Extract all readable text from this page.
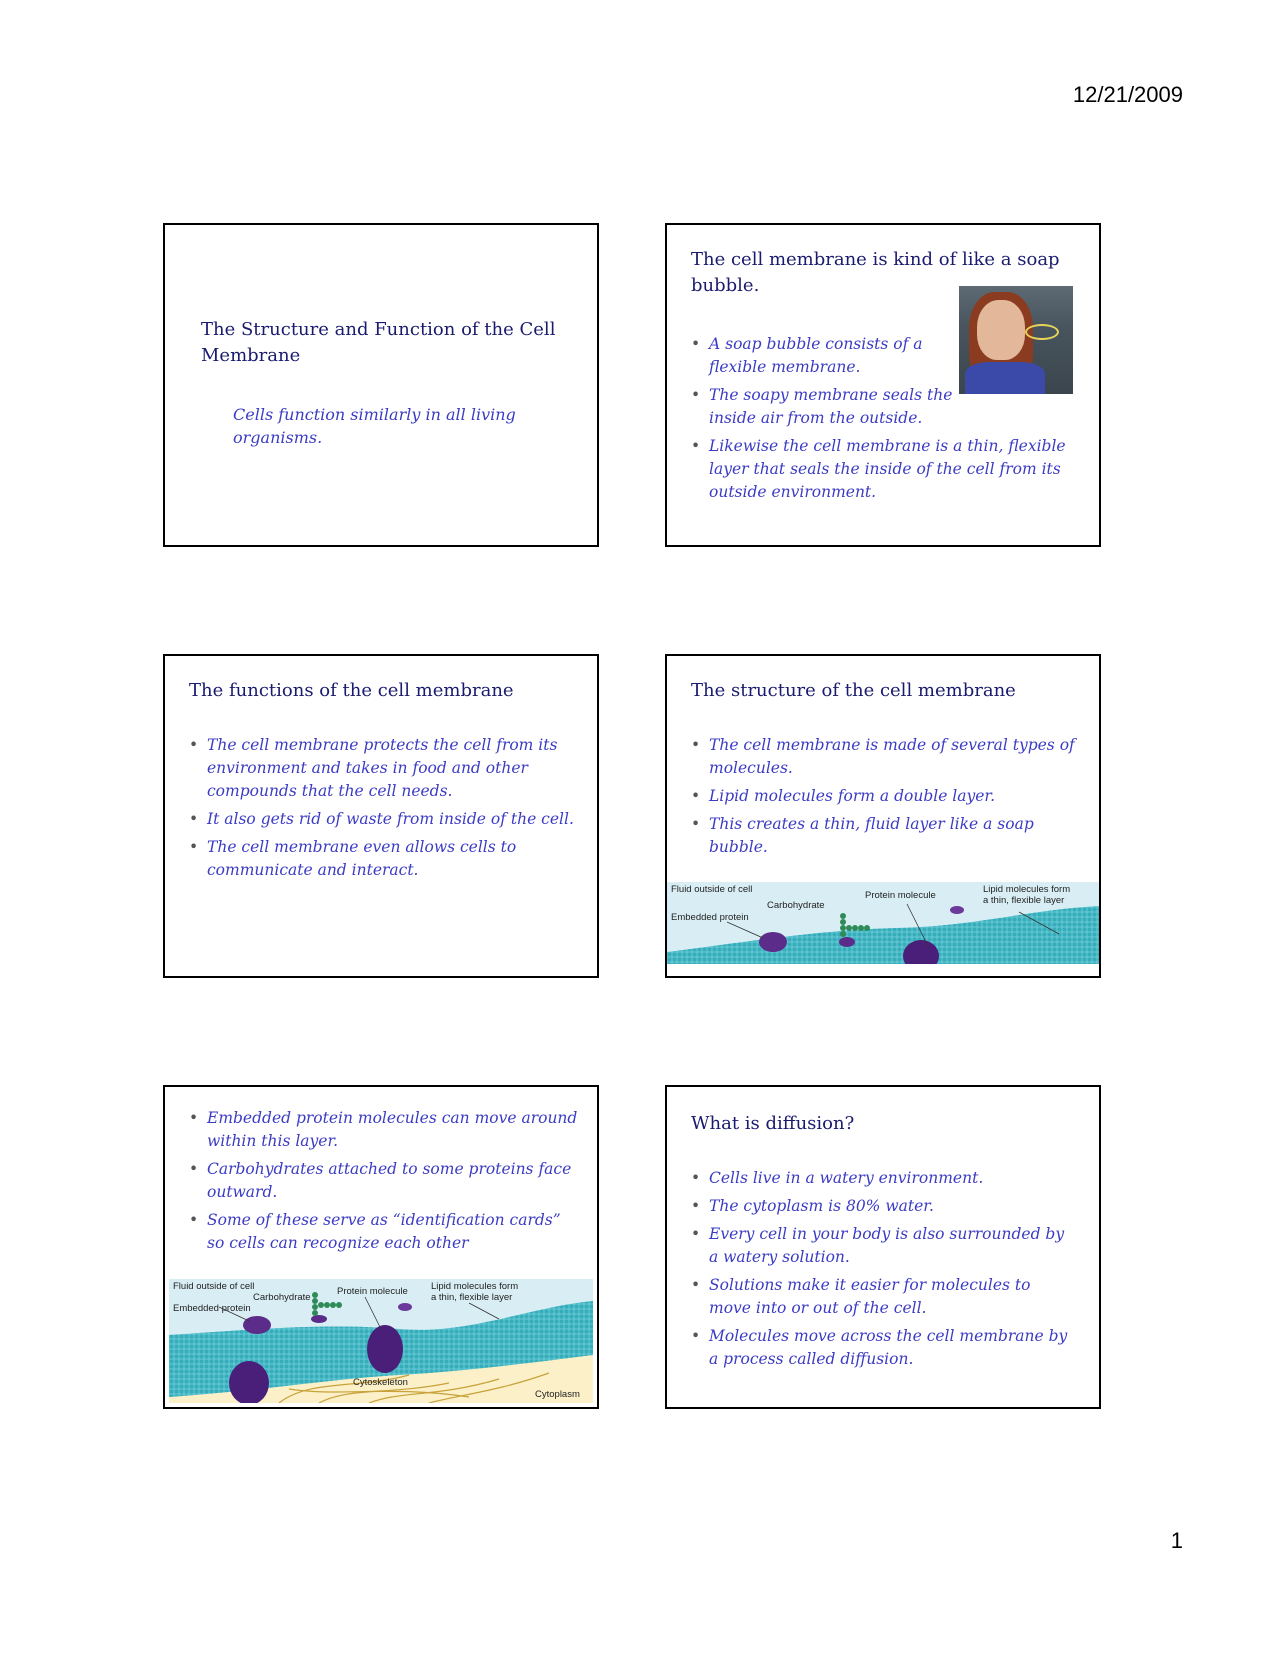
12/21/2009
The Structure and Function of the Cell Membrane
Cells function similarly in all living organisms.
The cell membrane is kind of like a soap bubble.
• A soap bubble consists of a flexible membrane.
• The soapy membrane seals the inside air from the outside.
• Likewise the cell membrane is a thin, flexible layer that seals the inside of the cell from its outside environment.
The functions of the cell membrane
• The cell membrane protects the cell from its environment and takes in food and other compounds that the cell needs.
• It also gets rid of waste from inside of the cell.
• The cell membrane even allows cells to communicate and interact.
The structure of the cell membrane
• The cell membrane is made of several types of molecules.
• Lipid molecules form a double layer.
• This creates a thin, fluid layer like a soap bubble.
Fluid outside of cell
Carbohydrate
Embedded protein
Protein molecule
Lipid molecules form
a thin, flexible layer
• Embedded protein molecules can move around within this layer.
• Carbohydrates attached to some proteins face outward.
• Some of these serve as “identification cards” so cells can recognize each other
Fluid outside of cell
Carbohydrate
Embedded protein
Protein molecule Lipid molecules form
a thin, flexible layer
Cytoskeleton
Cytoplasm
What is diffusion?
• Cells live in a watery environment.
• The cytoplasm is 80% water.
• Every cell in your body is also surrounded by a watery solution.
• Solutions make it easier for molecules to move into or out of the cell.
• Molecules move across the cell membrane by a process called diffusion.
1
